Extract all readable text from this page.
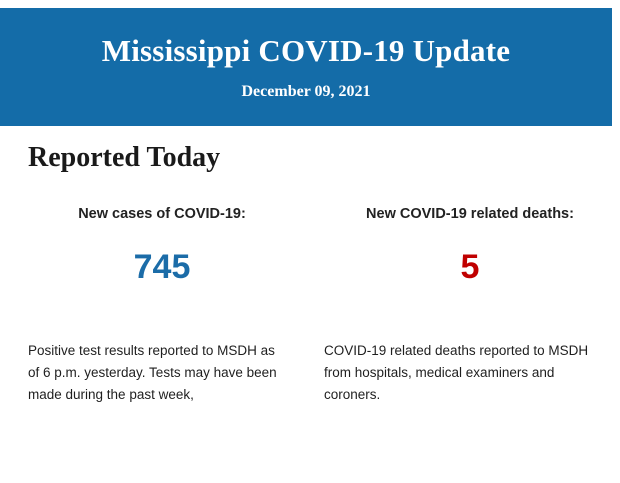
Mississippi COVID-19 Update
December 09, 2021
Reported Today
New cases of COVID-19:
745
New COVID-19 related deaths:
5
Positive test results reported to MSDH as of 6 p.m. yesterday. Tests may have been made during the past week,
COVID-19 related deaths reported to MSDH from hospitals, medical examiners and coroners.
